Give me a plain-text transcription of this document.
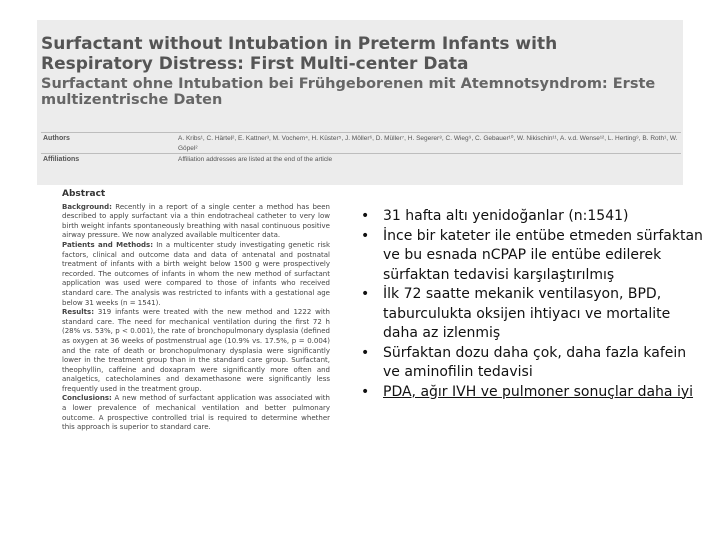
Surfactant without Intubation in Preterm Infants with Respiratory Distress: First Multi-center Data
Surfactant ohne Intubation bei Frühgeborenen mit Atemnotsyndrom: Erste multizentrische Daten
Authors	A. Kribs¹, C. Härtel², E. Kattner³, M. Vochem⁴, H. Küster⁵, J. Möller⁶, D. Müller⁷, H. Segerer⁸, C. Wieg⁹, C. Gebauer¹⁰, W. Nikischin¹¹, A. v.d. Wense¹², L. Herting⁹, B. Roth¹, W. Göpel²
Affiliations	Affiliation addresses are listed at the end of the article
Abstract

Background: Recently in a report of a single center a method has been described to apply surfactant via a thin endotracheal catheter to very low birth weight infants spontaneously breathing with nasal continuous positive airway pressure. We now analyzed available multicenter data.

Patients and Methods: In a multicenter study investigating genetic risk factors, clinical and outcome data and data of antenatal and postnatal treatment of infants with a birth weight below 1500 g were prospectively recorded. The outcomes of infants in whom the new method of surfactant application was used were compared to those of infants who received standard care. The analysis was restricted to infants with a gestational age below 31 weeks (n = 1541).

Results: 319 infants were treated with the new method and 1222 with standard care. The need for mechanical ventilation during the first 72 h (28% vs. 53%, p < 0.001), the rate of bronchopulmonary dysplasia (defined as oxygen at 36 weeks of postmenstrual age (10.9% vs. 17.5%, p = 0.004) and the rate of death or bronchopulmonary dysplasia were significantly lower in the treatment group than in the standard care group. Surfactant, theophyllin, caffeine and doxapram were significantly more often and analgetics, catecholamines and dexamethasone were significantly less frequently used in the treatment group.

Conclusions: A new method of surfactant application was associated with a lower prevalence of mechanical ventilation and better pulmonary outcome. A prospective controlled trial is required to determine whether this approach is superior to standard care.

• 31 hafta altı yenidoğanlar (n:1541)
• İnce bir kateter ile entübe etmeden sürfaktan ve bu esnada nCPAP ile entübe edilerek sürfaktan tedavisi karşılaştırılmış
• İlk 72 saatte mekanik ventilasyon, BPD, taburculukta oksijen ihtiyacı ve mortalite daha az izlenmiş
• Sürfaktan dozu daha çok, daha fazla kafein ve aminofilin tedavisi
• PDA, ağır IVH ve pulmoner sonuçlar daha iyi
